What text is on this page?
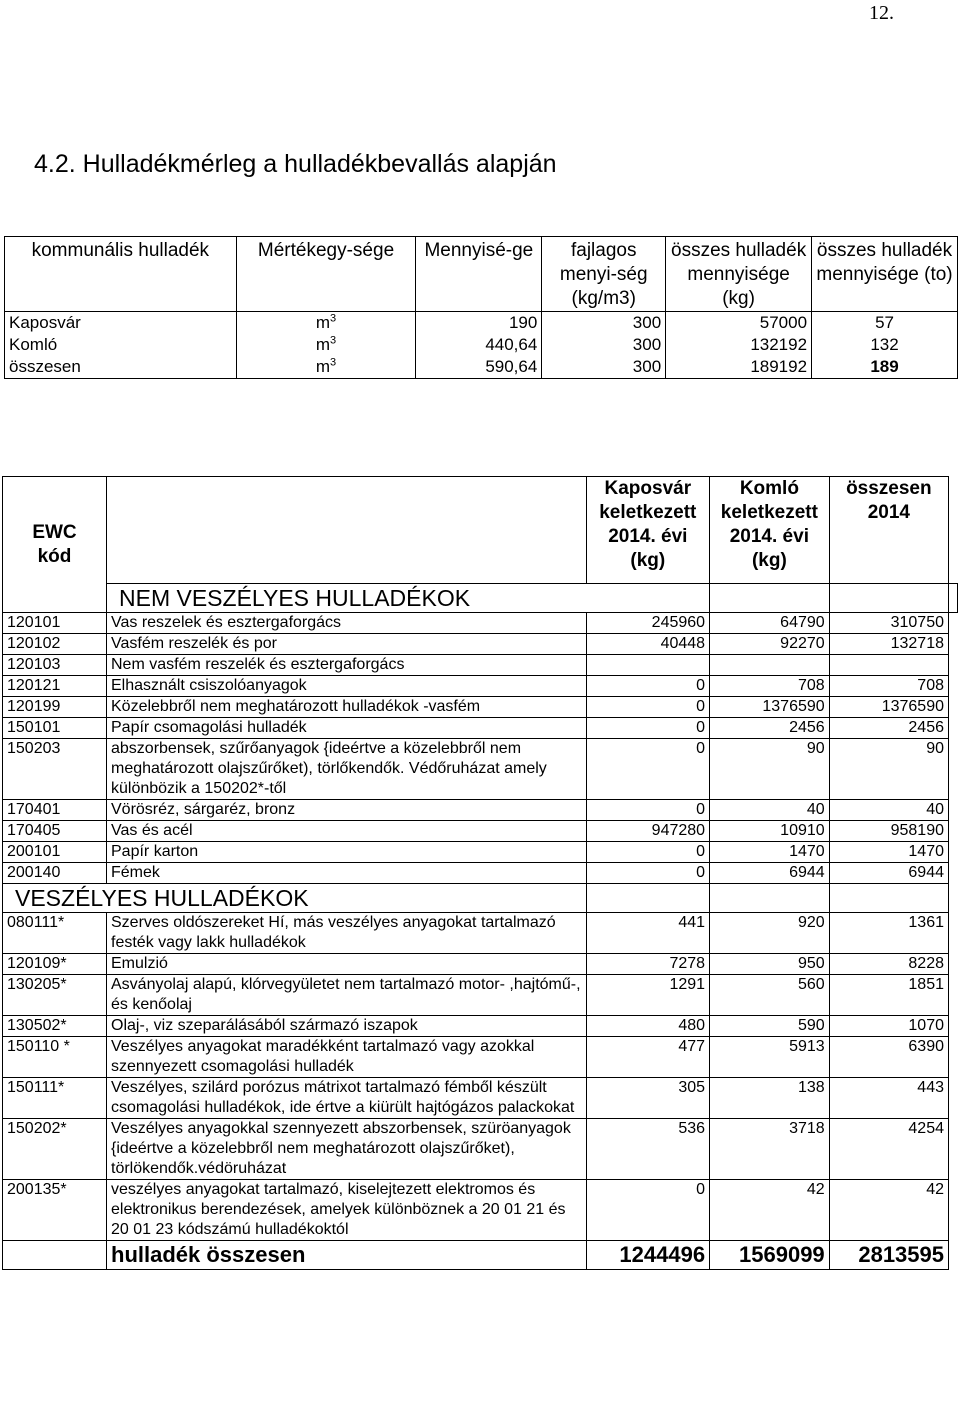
12.
4.2. Hulladékmérleg a hulladékbevallás alapján
kommunális hulladék	Mértékegy-sége	Mennyisé-ge	fajlagos menyi-ség (kg/m3)	összes hulladék mennyisége (kg)	összes hulladék mennyisége (to)
Kaposvár	$m^3$	190	300	57000	57
Komló	$m^3$	440,64	300	132192	132
összesen	$m^3$	590,64	300	189192	189
EWC kód		Kaposvár keletkezett 2014. évi (kg)	Komló keletkezett 2014. évi (kg)	összesen 2014	
	NEM VESZÉLYES HULLADÉKOK				
120101	Vas reszelek és esztergaforgács	245960	64790	310750	
120102	Vasfém reszelék és por	40448	92270	132718	
120103	Nem vasfém reszelék és esztergaforgács				
120121	Elhasznált csiszolóanyagok	0	708	708	
120199	Közelebbről nem meghatározott hulladékok -vasfém	0	1376590	1376590	
150101	Papír csomagolási hulladék	0	2456	2456	
150203	abszorbensek, szűrőanyagok {ideértve a közelebbről nem meghatározott olajszűrőket), törlőkendők. Védőruházat amely különbözik a 150202*-től	0	90	90	
170401	Vörösréz, sárgaréz, bronz	0	40	40	
170405	Vas és acél	947280	10910	958190	
200101	Papír karton	0	1470	1470	
200140	Fémek	0	6944	6944	
VESZÉLYES HULLADÉKOK					
080111*	Szerves oldószereket Hí, más veszélyes anyagokat tartalmazó festék vagy lakk hulladékok	441	920	1361	
120109*	Emulzió	7278	950	8228	
130205*	Asványolaj alapú, klórvegyületet nem tartalmazó motor- ,hajtómű-, és kenőolaj	1291	560	1851	
130502*	Olaj-, viz szeparálásából származó iszapok	480	590	1070	
150110 *	Veszélyes anyagokat maradékként tartalmazó vagy azokkal szennyezett csomagolási hulladék	477	5913	6390	
150111*	Veszélyes, szilárd porózus mátrixot tartalmazó fémből készült csomagolási hulladékok, ide értve a kiürült hajtógázos palackokat	305	138	443	
150202*	Veszélyes anyagokkal szennyezett abszorbensek, szüröanyagok {ideértve a közelebbről nem meghatározott olajszűrőket), törlökendők.védöruházat	536	3718	4254	
200135*	veszélyes anyagokat tartalmazó, kiselejtezett elektromos és elektronikus berendezések, amelyek különböznek a 20 01 21 és 20 01 23 kódszámú hulladékoktól	0	42	42	
	hulladék összesen	1244496	1569099	2813595	
